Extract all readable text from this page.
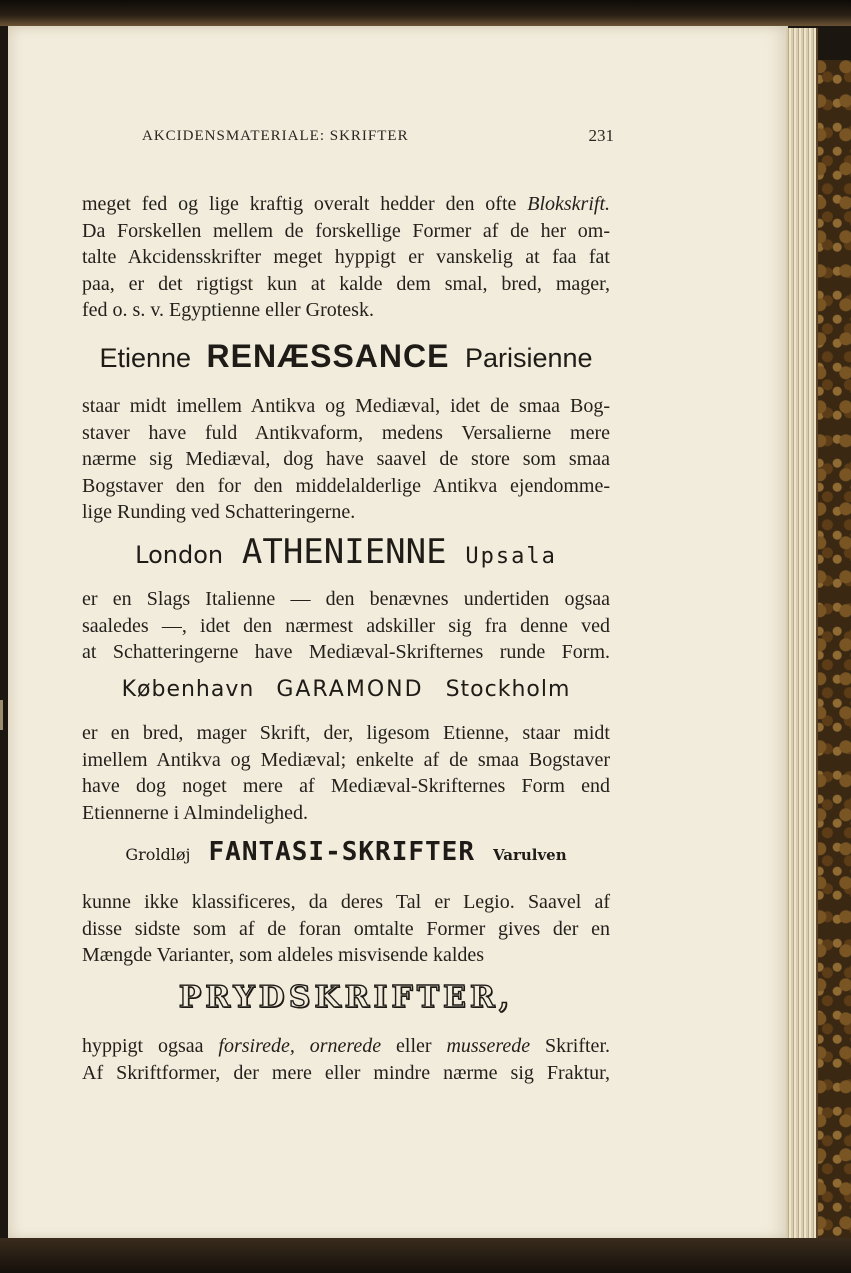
AKCIDENSMATERIALE: SKRIFTER	231

meget fed og lige kraftig overalt hedder den ofte Blokskrift.

Da Forskellen mellem de forskellige Former af de her om-

talte Akcidensskrifter meget hyppigt er vanskelig at faa fat

paa, er det rigtigst kun at kalde dem smal, bred, mager,

fed o. s. v. Egyptienne eller Grotesk.

Etienne RENÆSSANCE Parisienne

staar midt imellem Antikva og Mediæval, idet de smaa Bog-

staver have fuld Antikvaform, medens Versalierne mere

nærme sig Mediæval, dog have saavel de store som smaa

Bogstaver den for den middelalderlige Antikva ejendomme-

lige Runding ved Schatteringerne.

London ATHENIENNE Upsala

er en Slags Italienne — den benævnes undertiden ogsaa

saaledes —, idet den nærmest adskiller sig fra denne ved

at Schatteringerne have Mediæval-Skrifternes runde Form.

København GARAMOND Stockholm

er en bred, mager Skrift, der, ligesom Etienne, staar midt

imellem Antikva og Mediæval; enkelte af de smaa Bogstaver

have dog noget mere af Mediæval-Skrifternes Form end

Etiennerne i Almindelighed.

Groldløj FANTASI-SKRIFTER Varulven

kunne ikke klassificeres, da deres Tal er Legio. Saavel af

disse sidste som af de foran omtalte Former gives der en

Mængde Varianter, som aldeles misvisende kaldes

PRYDSKRIFTER,

hyppigt ogsaa forsirede, ornerede eller musserede Skrifter.

Af Skriftformer, der mere eller mindre nærme sig Fraktur,
